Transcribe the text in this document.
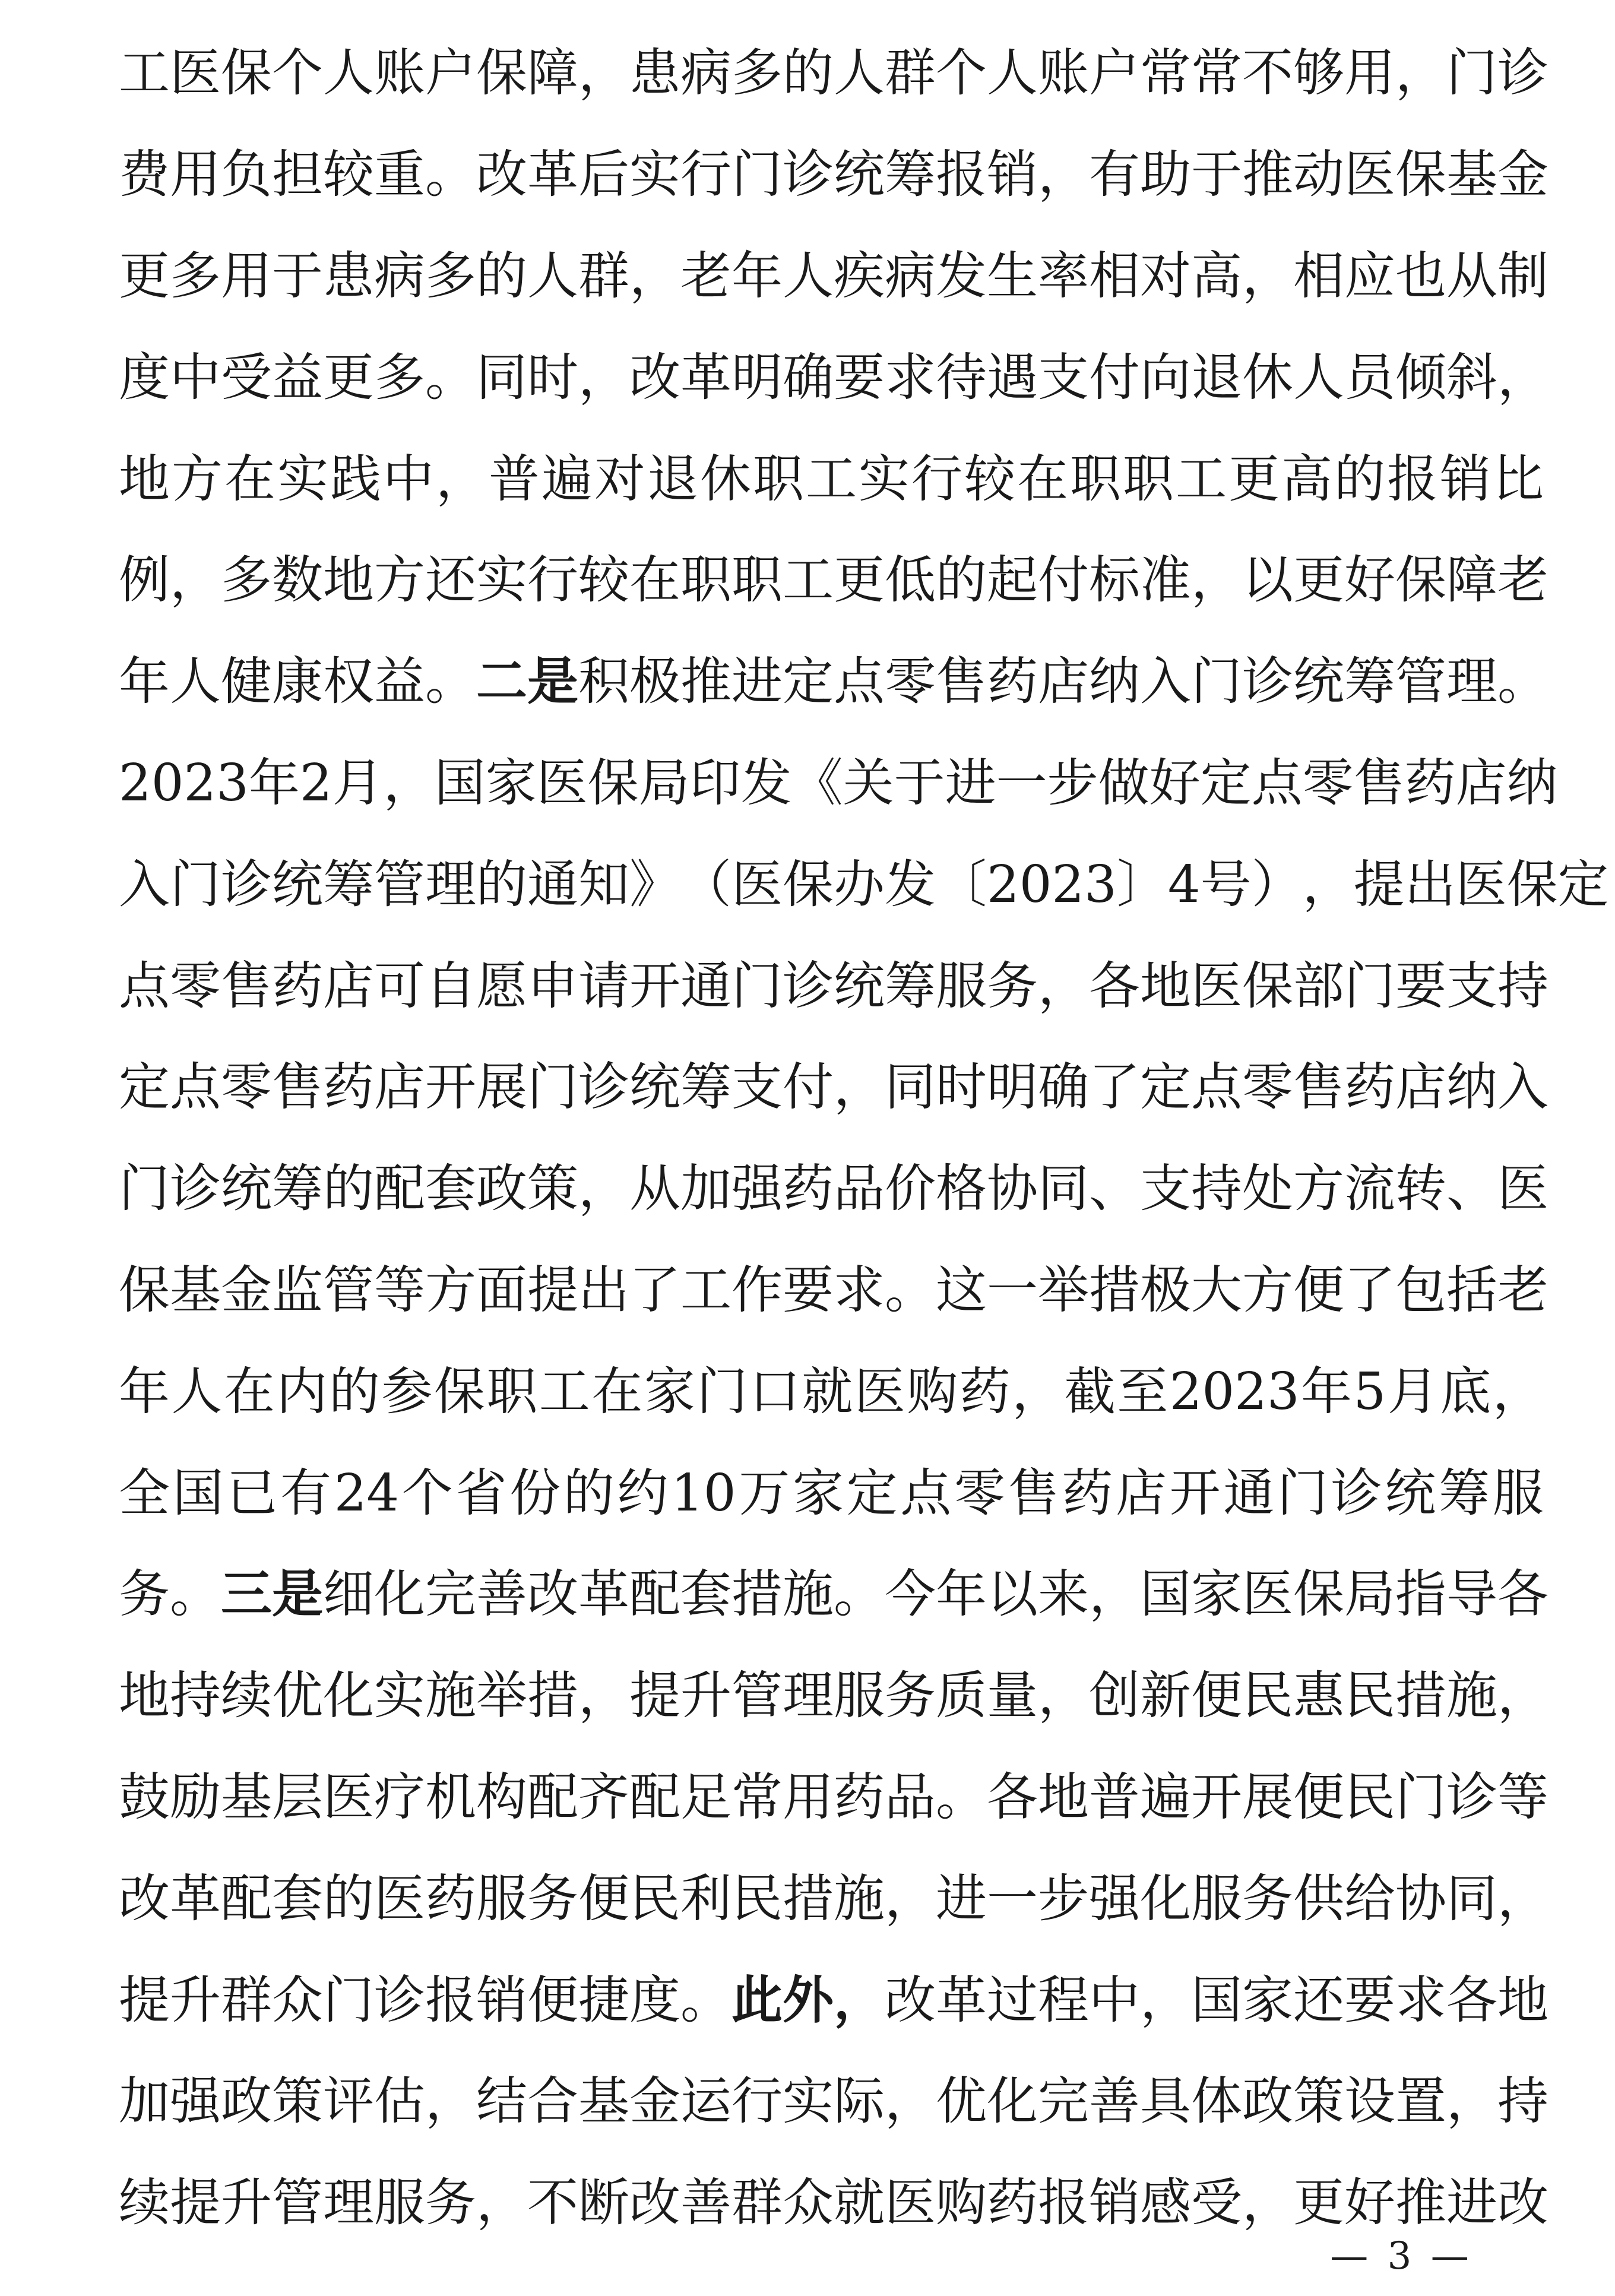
工 医 保 个 人 账 户 保 障 ， 患 病 多 的 人 群 个 人 账 户 常 常 不 够 用 ， 门 诊
费 用 负 担 较 重 。 改 革 后 实 行 门 诊 统 筹 报 销 ， 有 助 于 推 动 医 保 基 金
更 多 用 于 患 病 多 的 人 群 ， 老 年 人 疾 病 发 生 率 相 对 高 ， 相 应 也 从 制
度 中 受 益 更 多 。 同 时 ， 改 革 明 确 要 求 待 遇 支 付 向 退 休 人 员 倾 斜 ，
地 方 在 实 践 中 ， 普 遍 对 退 休 职 工 实 行 较 在 职 职 工 更 高 的 报 销 比
例 ， 多 数 地 方 还 实 行 较 在 职 职 工 更 低 的 起 付 标 准 ， 以 更 好 保 障 老
年 人 健 康 权 益 。 二 是 积 极 推 进 定 点 零 售 药 店 纳 入 门 诊 统 筹 管 理 。
2023 年 2 月 ， 国 家 医 保 局 印 发 《 关 于 进 一 步 做 好 定 点 零 售 药 店 纳
入 门 诊 统 筹 管 理 的 通 知 》 （ 医 保 办 发 〔 2023 〕 4 号 ） ， 提 出 医 保 定
点 零 售 药 店 可 自 愿 申 请 开 通 门 诊 统 筹 服 务 ， 各 地 医 保 部 门 要 支 持
定 点 零 售 药 店 开 展 门 诊 统 筹 支 付 ， 同 时 明 确 了 定 点 零 售 药 店 纳 入
门 诊 统 筹 的 配 套 政 策 ， 从 加 强 药 品 价 格 协 同 、 支 持 处 方 流 转 、 医
保 基 金 监 管 等 方 面 提 出 了 工 作 要 求 。 这 一 举 措 极 大 方 便 了 包 括 老
年 人 在 内 的 参 保 职 工 在 家 门 口 就 医 购 药 ， 截 至 2023 年 5 月 底 ，
全 国 已 有 24 个 省 份 的 约 10 万 家 定 点 零 售 药 店 开 通 门 诊 统 筹 服
务 。 三 是 细 化 完 善 改 革 配 套 措 施 。 今 年 以 来 ， 国 家 医 保 局 指 导 各
地 持 续 优 化 实 施 举 措 ， 提 升 管 理 服 务 质 量 ， 创 新 便 民 惠 民 措 施 ，
鼓 励 基 层 医 疗 机 构 配 齐 配 足 常 用 药 品 。 各 地 普 遍 开 展 便 民 门 诊 等
改 革 配 套 的 医 药 服 务 便 民 利 民 措 施 ， 进 一 步 强 化 服 务 供 给 协 同 ，
提 升 群 众 门 诊 报 销 便 捷 度 。 此 外 ， 改 革 过 程 中 ， 国 家 还 要 求 各 地
加 强 政 策 评 估 ， 结 合 基 金 运 行 实 际 ， 优 化 完 善 具 体 政 策 设 置 ， 持
续 提 升 管 理 服 务 ， 不 断 改 善 群 众 就 医 购 药 报 销 感 受 ， 更 好 推 进 改
— 3 —
